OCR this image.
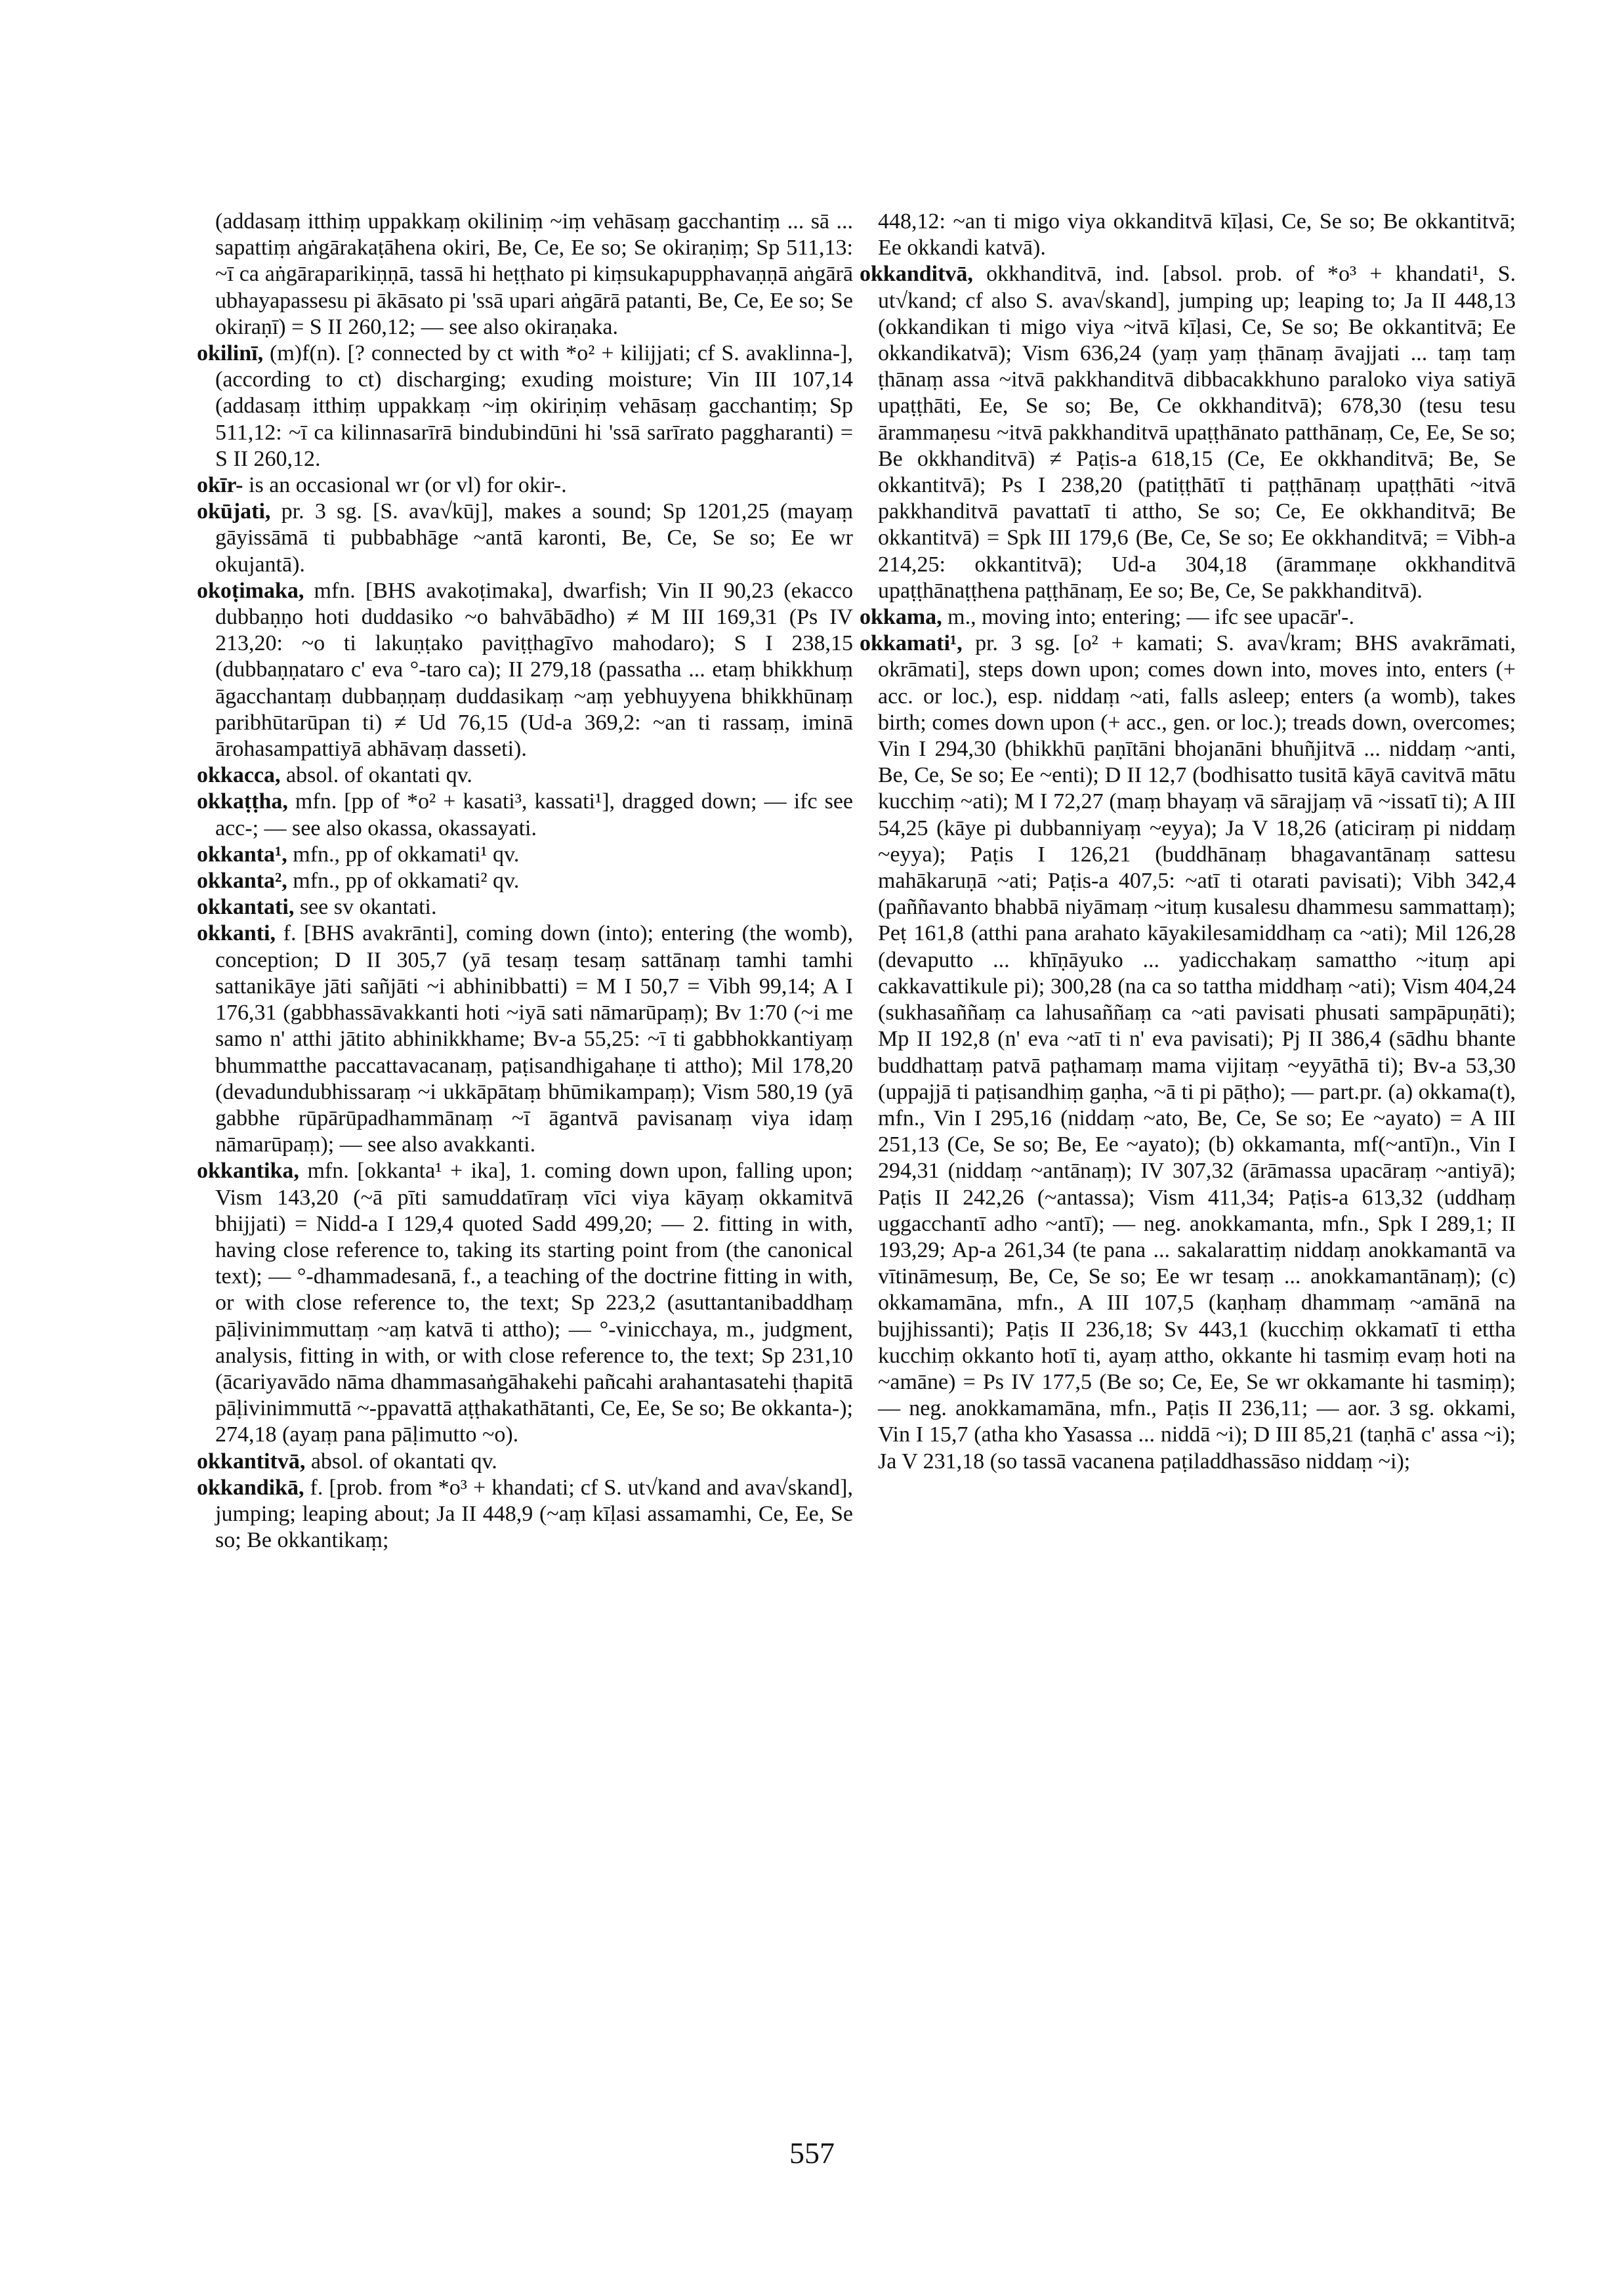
(addasaṃ itthiṃ uppakkaṃ okiliniṃ ~iṃ vehāsaṃ gacchantiṃ ... sā ... sapattiṃ aṅgārakaṭāhena okiri, Be, Ce, Ee so; Se okiraṇiṃ; Sp 511,13: ~ī ca aṅgārapariki‌ṇṇā, tassā hi heṭṭhato pi kiṃsukapupphava‌ṇṇā aṅgārā ubhayapassesu pi ākāsato pi 'ssā upari aṅgārā patanti, Be, Ce, Ee so; Se okiraṇī) = S II 260,12; — see also okiraṇaka.

okilinī, (m)f(n). [? connected by ct with *o² + kilijjati; cf S. avaklinna-], (according to ct) discharging; exuding moisture; Vin III 107,14 (addasaṃ itthiṃ uppakkaṃ ~iṃ okiriṇiṃ vehāsaṃ gacchantiṃ; Sp 511,12: ~ī ca kilinnasarīrā bindubindūni hi 'ssā sarīrato paggharanti) = S II 260,12.

okīr- is an occasional wr (or vl) for okir-.

okūjati, pr. 3 sg. [S. ava√kūj], makes a sound; Sp 1201,25 (mayaṃ gāyissāmā ti pubbabhāge ~antā karonti, Be, Ce, Se so; Ee wr okujantā).

okoṭimaka, mfn. [BHS avakoṭimaka], dwarfish; Vin II 90,23 (ekacco dubbaṇṇo hoti duddasiko ~o bahvābādho) ≠ M III 169,31 (Ps IV 213,20: ~o ti lakuṇṭako paviṭṭhagīvo mahodaro); S I 238,15 (dubbaṇṇataro c' eva °-taro ca); II 279,18 (passatha ... etaṃ bhikkhuṃ āgacchantaṃ dubbaṇṇaṃ duddasikaṃ ~aṃ yebhuyyena bhikkhūnaṃ paribhūtarūpan ti) ≠ Ud 76,15 (Ud-a 369,2: ~an ti rassaṃ, iminā ārohasampattiyā abhāvaṃ dasseti).

okkacca, absol. of okantati qv.

okkaṭṭha, mfn. [pp of *o² + kasati³, kassati¹], dragged down; — ifc see acc-; — see also okassa, okassayati.

okkanta¹, mfn., pp of okkamati¹ qv.

okkanta², mfn., pp of okkamati² qv.

okkantati, see sv okantati.

okkanti, f. [BHS avakrānti], coming down (into); entering (the womb), conception; D II 305,7 (yā tesaṃ tesaṃ sattānaṃ tamhi tamhi sattanikāye jāti sañjāti ~i abhinibbatti) = M I 50,7 = Vibh 99,14; A I 176,31 (gabbhassāvakkanti hoti ~iyā sati nāmarūpaṃ); Bv 1:70 (~i me samo n' atthi jātito abhinikkhame; Bv-a 55,25: ~ī ti gabbhokkantiyaṃ bhummatthe paccattavacanaṃ, paṭisandhigahaṇe ti attho); Mil 178,20 (devadundubhissaraṃ ~i ukkāpātaṃ bhūmikampaṃ); Vism 580,19 (yā gabbhe rūpārūpadhammānaṃ ~ī āgantvā pavisanaṃ viya idaṃ nāmarūpaṃ); — see also avakkanti.

okkantika, mfn. [okkanta¹ + ika], 1. coming down upon, falling upon; Vism 143,20 (~ā pīti samuddatīraṃ vīci viya kāyaṃ okkamitvā bhijjati) = Nidd-a I 129,4 quoted Sadd 499,20; — 2. fitting in with, having close reference to, taking its starting point from (the canonical text); — °-dhammadesanā, f., a teaching of the doctrine fitting in with, or with close reference to, the text; Sp 223,2 (asuttantanibaddhaṃ pāḷivinimmuttaṃ ~aṃ katvā ti attho); — °-vinicchaya, m., judgment, analysis, fitting in with, or with close reference to, the text; Sp 231,10 (ācariyavādo nāma dhammasaṅgāhakehi pañcahi arahantasatehi ṭhapitā pāḷivinimmuttā ~-ppavattā aṭṭhakathātanti, Ce, Ee, Se so; Be okkanta-); 274,18 (ayaṃ pana pāḷimutto ~o).

okkantitvā, absol. of okantati qv.

okkandikā, f. [prob. from *o³ + khandati; cf S. ut√kand and ava√skand], jumping; leaping about; Ja II 448,9 (~aṃ kīḷasi assamamhi, Ce, Ee, Se so; Be okkantikaṃ;

448,12: ~an ti migo viya okkanditvā kīḷasi, Ce, Se so; Be okkantitvā; Ee okkandi katvā).

okkanditvā, okkhanditvā, ind. [absol. prob. of *o³ + khandati¹, S. ut√kand; cf also S. ava√skand], jumping up; leaping to; Ja II 448,13 (okkandikan ti migo viya ~itvā kīḷasi, Ce, Se so; Be okkantitvā; Ee okkandikatvā); Vism 636,24 (yaṃ yaṃ ṭhānaṃ āvajjati ... taṃ taṃ ṭhānaṃ assa ~itvā pakkhanditvā dibbacakkhuno paraloko viya satiyā upaṭṭhāti, Ee, Se so; Be, Ce okkhanditvā); 678,30 (tesu tesu ārammaṇesu ~itvā pakkhanditvā upaṭṭhānato patthānaṃ, Ce, Ee, Se so; Be okkhanditvā) ≠ Paṭis-a 618,15 (Ce, Ee okkhanditvā; Be, Se okkantitvā); Ps I 238,20 (patiṭṭhātī ti paṭṭhānaṃ upaṭṭhāti ~itvā pakkhanditvā pavattatī ti attho, Se so; Ce, Ee okkhanditvā; Be okkantitvā) = Spk III 179,6 (Be, Ce, Se so; Ee okkhanditvā; = Vibh-a 214,25: okkantitvā); Ud-a 304,18 (ārammaṇe okkhanditvā upaṭṭhānaṭṭhena paṭṭhānaṃ, Ee so; Be, Ce, Se pakkhanditvā).

okkama, m., moving into; entering; — ifc see upacār'-.

okkamati¹, pr. 3 sg. [o² + kamati; S. ava√kram; BHS avakrāmati, okrāmati], steps down upon; comes down into, moves into, enters (+ acc. or loc.), esp. niddaṃ ~ati, falls asleep; enters (a womb), takes birth; comes down upon (+ acc., gen. or loc.); treads down, overcomes; Vin I 294,30 (bhikkhū paṇītāni bhojanāni bhuñjitvā ... niddaṃ ~anti, Be, Ce, Se so; Ee ~enti); D II 12,7 (bodhisatto tusitā kāyā cavitvā mātu kucchiṃ ~ati); M I 72,27 (maṃ bhayaṃ vā sārajjaṃ vā ~issatī ti); A III 54,25 (kāye pi dubbanniyaṃ ~eyya); Ja V 18,26 (aticiraṃ pi niddaṃ ~eyya); Paṭis I 126,21 (buddhānaṃ bhagavantānaṃ sattesu mahākaruṇā ~ati; Paṭis-a 407,5: ~atī ti otarati pavisati); Vibh 342,4 (paññavanto bhabbā niyāmaṃ ~ituṃ kusalesu dhammesu sammattaṃ); Peṭ 161,8 (atthi pana arahato kāyakilesamiddhaṃ ca ~ati); Mil 126,28 (devaputto ... khīṇāyuko ... yadicchakaṃ samattho ~ituṃ api cakkavattikule pi); 300,28 (na ca so tattha middhaṃ ~ati); Vism 404,24 (sukhasaññaṃ ca lahusaññaṃ ca ~ati pavisati phusati sampāpuṇāti); Mp II 192,8 (n' eva ~atī ti n' eva pavisati); Pj II 386,4 (sādhu bhante buddhattaṃ patvā paṭhamaṃ mama vijitaṃ ~eyyāthā ti); Bv-a 53,30 (uppajjā ti paṭisandhiṃ gaṇha, ~ā ti pi pāṭho); — part.pr. (a) okkama(t), mfn., Vin I 295,16 (niddaṃ ~ato, Be, Ce, Se so; Ee ~ayato) = A III 251,13 (Ce, Se so; Be, Ee ~ayato); (b) okkamanta, mf(~antī)n., Vin I 294,31 (niddaṃ ~antānaṃ); IV 307,32 (ārāmassa upacāraṃ ~antiyā); Paṭis II 242,26 (~antassa); Vism 411,34; Paṭis-a 613,32 (uddhaṃ uggacchantī adho ~antī); — neg. anokkamanta, mfn., Spk I 289,1; II 193,29; Ap-a 261,34 (te pana ... sakalarattiṃ niddaṃ anokkamantā va vītināmesuṃ, Be, Ce, Se so; Ee wr tesaṃ ... anokkamantānaṃ); (c) okkamamāna, mfn., A III 107,5 (kaṇhaṃ dhammaṃ ~amānā na bujjhissanti); Paṭis II 236,18; Sv 443,1 (kucchiṃ okkamatī ti ettha kucchiṃ okkanto hotī ti, ayaṃ attho, okkante hi tasmiṃ evaṃ hoti na ~amāne) = Ps IV 177,5 (Be so; Ce, Ee, Se wr okkamante hi tasmiṃ); — neg. anokkamamāna, mfn., Paṭis II 236,11; — aor. 3 sg. okkami, Vin I 15,7 (atha kho Yasassa ... niddā ~i); D III 85,21 (taṇhā c' assa ~i); Ja V 231,18 (so tassā vacanena paṭiladdhassāso niddaṃ ~i);

557
